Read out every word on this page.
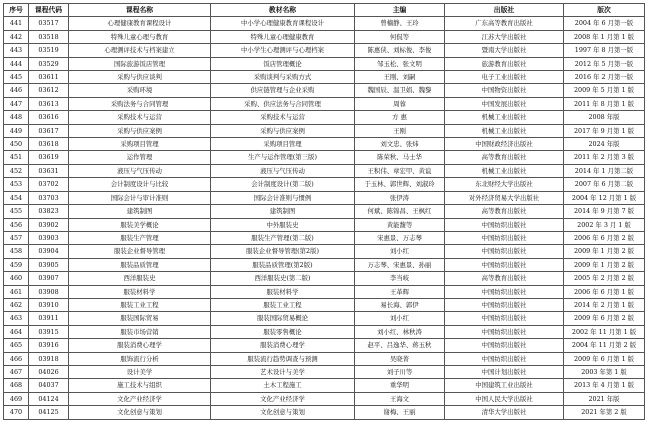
序号	课程代码	课程名称	教材名称	主编	出版社	版次
441	03517	心理健康教育课程设计	中小学心理健康教育课程设计	曾楠静、王玲	广东高等教育出版社	2004 年 6 月第一版
442	03518	特殊儿童心理与教育	特殊儿童心理健康教育	何侃等	江苏大学出版社	2008 年 1 月第 1 版
443	03519	心理测评技术与档案建立	中小学生心理测评与心理档案	陈惠侠、刘标俊、李俊	暨南大学出版社	1997 年 8 月第一版
444	03529	国际旅游饭店管理	饭店管理概论	邹玉松、张文明	旅游教育出版社	2012 年 5 月第一版
445	03611	采购与供应谈判	采购谈判与采购方式	王刚、刘嗣	电子工业出版社	2016 年 2 月第一版
446	03612	采购环境	供应链管理与企业采购	魏国辰、温卫娟、魏黎	中国物资出版社	2009 年 5 月第 1 版
447	03613	采购法务与合同管理	采购、供应法务与合同管理	周蓉	中国发展出版社	2011 年 8 月第 1 版
448	03616	采购技术与运营	采购技术与运营	方 惠	机械工业出版社	2008 年版
449	03617	采购与供应案例	采购与供应案例	王刚	机械工业出版社	2017 年 9 月第 1 版
450	03618	采购项目管理	采购项目管理	刘文忠、张炜	中国财政经济出版社	2024 年版
451	03619	运作管理	生产与运作管理(第三版)	陈荣秋、马士华	高等教育出版社	2011 年 2 月第 3 版
452	03631	液压与气压传动	液压与气压传动	王积伟、章宏甲、黄谊	机械工业出版社	2014 年 1 月第二版
453	03702	会计制度设计与比较	会计制度设计(第二版)	于玉林、郭世辉、刘淑玲	东北财经大学出版社	2007 年 6 月第二版
454	03703	国际会计与审计准则	国际会计准则与惯例	张伊涛	对外经济贸易大学出版社	2004 年 12 月第 1 版
455	03823	建筑制图	建筑制图	何斌、陈锦昌、王枫红	高等教育出版社	2014 年 9 月第 7 版
456	03902	服装美学概论	中外服装史	黄能馥等	中国纺织出版社	2002 年 3 月 1 版
457	03903	服装生产管理	服装生产管理(第二版)	宋惠景、万志琴	中国纺织出版社	2006 年 6 月第 2 版
458	03904	服装企业督导管理	服装企业督导管理(第2版)	刘小红	中国纺织出版社	2009 年 1 月第 2 版
459	03905	服装品质管理	服装品质管理(第2版)	万志琴、宋惠景、孙丽	中国纺织出版社	2009 年 1 月第 2 版
460	03907	西洋服装史	西洋服装史(第二版)	李当岐	高等教育出版社	2005 年 2 月第 2 版
461	03908	服装材料学	服装材料学	王革辉	中国纺织出版社	2006 年 6 月第 1 版
462	03910	服装工业工程	服装工业工程	易长海、郭伊	中国纺织出版社	2014 年 2 月第 1 版
463	03911	服装国际贸易	服装国际贸易概论	刘小红	中国纺织出版社	2009 年 6 月第 2 版
464	03915	服装市场营销	服装零售概论	刘小红、林秋涛	中国纺织出版社	2002 年 11 月第 1 版
465	03916	服装消费心理学	服装消费心理学	赵平、吕逸华、蒋玉秋	中国纺织出版社	2004 年 11 月第 2 版
466	03918	服饰流行分析	服装流行趋势调查与预测	吴晓菁	中国纺织出版社	2009 年 6 月第 1 版
467	04026	设计美学	艺术设计与美学	刘子川等	中国计划出版社	2003 年第 1 版
468	04037	施工技术与组织	土木工程施工	重华明	中国建筑工业出版社	2013 年 4 月第 1 版
469	04124	文化产业经济学	文化产业经济学	王海文	中国人民大学出版社	2021 年版
470	04125	文化创意与策划	文化创意与策划	谢梅、王丽	清华大学出版社	2021 年第 2 版
